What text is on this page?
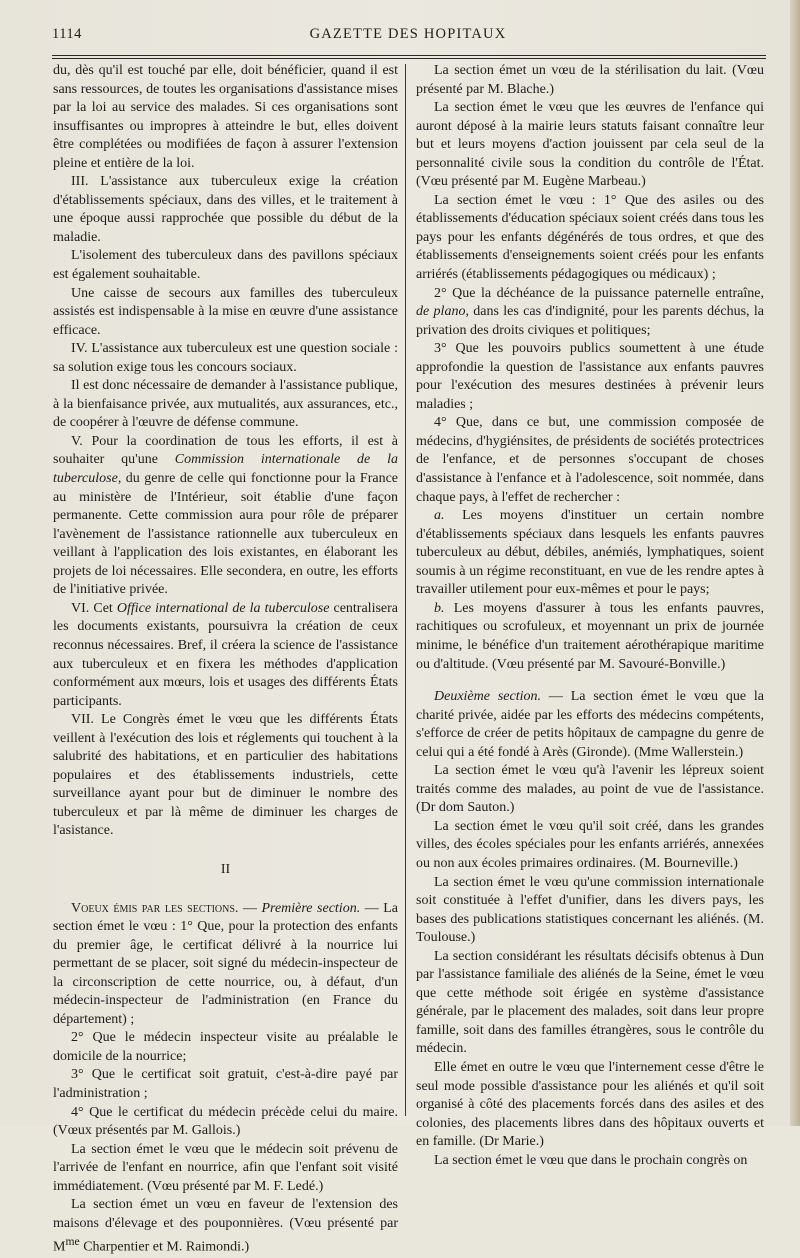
1114	GAZETTE DES HOPITAUX

du, dès qu'il est touché par elle, doit bénéficier, quand il est sans ressources, de toutes les organisations d'assistance mises par la loi au service des malades. Si ces organisations sont insuffisantes ou impropres à atteindre le but, elles doivent être complétées ou modifiées de façon à assurer l'extension pleine et entière de la loi.

III. L'assistance aux tuberculeux exige la création d'établissements spéciaux, dans des villes, et le traitement à une époque aussi rapprochée que possible du début de la maladie.

L'isolement des tuberculeux dans des pavillons spéciaux est également souhaitable.

Une caisse de secours aux familles des tuberculeux assistés est indispensable à la mise en œuvre d'une assistance efficace.

IV. L'assistance aux tuberculeux est une question sociale : sa solution exige tous les concours sociaux.

Il est donc nécessaire de demander à l'assistance publique, à la bienfaisance privée, aux mutualités, aux assurances, etc., de coopérer à l'œuvre de défense commune.

V. Pour la coordination de tous les efforts, il est à souhaiter qu'une Commission internationale de la tuberculose, du genre de celle qui fonctionne pour la France au ministère de l'Intérieur, soit établie d'une façon permanente. Cette commission aura pour rôle de préparer l'avènement de l'assistance rationnelle aux tuberculeux en veillant à l'application des lois existantes, en élaborant les projets de loi nécessaires. Elle secondera, en outre, les efforts de l'initiative privée.

VI. Cet Office international de la tuberculose centralisera les documents existants, poursuivra la création de ceux reconnus nécessaires. Bref, il créera la science de l'assistance aux tuberculeux et en fixera les méthodes d'application conformément aux mœurs, lois et usages des différents États participants.

VII. Le Congrès émet le vœu que les différents États veillent à l'exécution des lois et réglements qui touchent à la salubrité des habitations, et en particulier des habitations populaires et des établissements industriels, cette surveillance ayant pour but de diminuer le nombre des tuberculeux et par là même de diminuer les charges de l'asistance.

II

Voeux émis par les sections. — Première section. — La section émet le vœu : 1° Que, pour la protection des enfants du premier âge, le certificat délivré à la nourrice lui permettant de se placer, soit signé du médecin-inspecteur de la circonscription de cette nourrice, ou, à défaut, d'un médecin-inspecteur de l'administration (en France du département) ;

2° Que le médecin inspecteur visite au préalable le domicile de la nourrice;

3° Que le certificat soit gratuit, c'est-à-dire payé par l'administration ;

4° Que le certificat du médecin précède celui du maire. (Vœux présentés par M. Gallois.)

La section émet le vœu que le médecin soit prévenu de l'arrivée de l'enfant en nourrice, afin que l'enfant soit visité immédiatement. (Vœu présenté par M. F. Ledé.)

La section émet un vœu en faveur de l'extension des maisons d'élevage et des pouponnières. (Vœu présenté par $M^{me}$ Charpentier et M. Raimondi.)

La section émet un vœu de la stérilisation du lait. (Vœu présenté par M. Blache.)

La section émet le vœu que les œuvres de l'enfance qui auront déposé à la mairie leurs statuts faisant connaître leur but et leurs moyens d'action jouissent par cela seul de la personnalité civile sous la condition du contrôle de l'État. (Vœu présenté par M. Eugène Marbeau.)

La section émet le vœu : 1° Que des asiles ou des établissements d'éducation spéciaux soient créés dans tous les pays pour les enfants dégénérés de tous ordres, et que des établissements d'enseignements soient créés pour les enfants arriérés (établissements pédagogiques ou médicaux) ;

2° Que la déchéance de la puissance paternelle entraîne, de plano, dans les cas d'indignité, pour les parents déchus, la privation des droits civiques et politiques;

3° Que les pouvoirs publics soumettent à une étude approfondie la question de l'assistance aux enfants pauvres pour l'exécution des mesures destinées à prévenir leurs maladies ;

4° Que, dans ce but, une commission composée de médecins, d'hygiénsites, de présidents de sociétés protectrices de l'enfance, et de personnes s'occupant de choses d'assistance à l'enfance et à l'adolescence, soit nommée, dans chaque pays, à l'effet de rechercher :

a. Les moyens d'instituer un certain nombre d'établissements spéciaux dans lesquels les enfants pauvres tuberculeux au début, débiles, anémiés, lymphatiques, soient soumis à un régime reconstituant, en vue de les rendre aptes à travailler utilement pour eux-mêmes et pour le pays;

b. Les moyens d'assurer à tous les enfants pauvres, rachitiques ou scrofuleux, et moyennant un prix de journée minime, le bénéfice d'un traitement aérothérapique maritime ou d'altitude. (Vœu présenté par M. Savouré-Bonville.)

Deuxième section. — La section émet le vœu que la charité privée, aidée par les efforts des médecins compétents, s'efforce de créer de petits hôpitaux de campagne du genre de celui qui a été fondé à Arès (Gironde). (Mme Wallerstein.)

La section émet le vœu qu'à l'avenir les lépreux soient traités comme des malades, au point de vue de l'assistance. (Dr dom Sauton.)

La section émet le vœu qu'il soit créé, dans les grandes villes, des écoles spéciales pour les enfants arriérés, annexées ou non aux écoles primaires ordinaires. (M. Bourneville.)

La section émet le vœu qu'une commission internationale soit constituée à l'effet d'unifier, dans les divers pays, les bases des publications statistiques concernant les aliénés. (M. Toulouse.)

La section considérant les résultats décisifs obtenus à Dun par l'assistance familiale des aliénés de la Seine, émet le vœu que cette méthode soit érigée en système d'assistance générale, par le placement des malades, soit dans leur propre famille, soit dans des familles étrangères, sous le contrôle du médecin.

Elle émet en outre le vœu que l'internement cesse d'être le seul mode possible d'assistance pour les aliénés et qu'il soit organisé à côté des placements forcés dans des asiles et des colonies, des placements libres dans des hôpitaux ouverts et en famille. (Dr Marie.)

La section émet le vœu que dans le prochain congrès on
